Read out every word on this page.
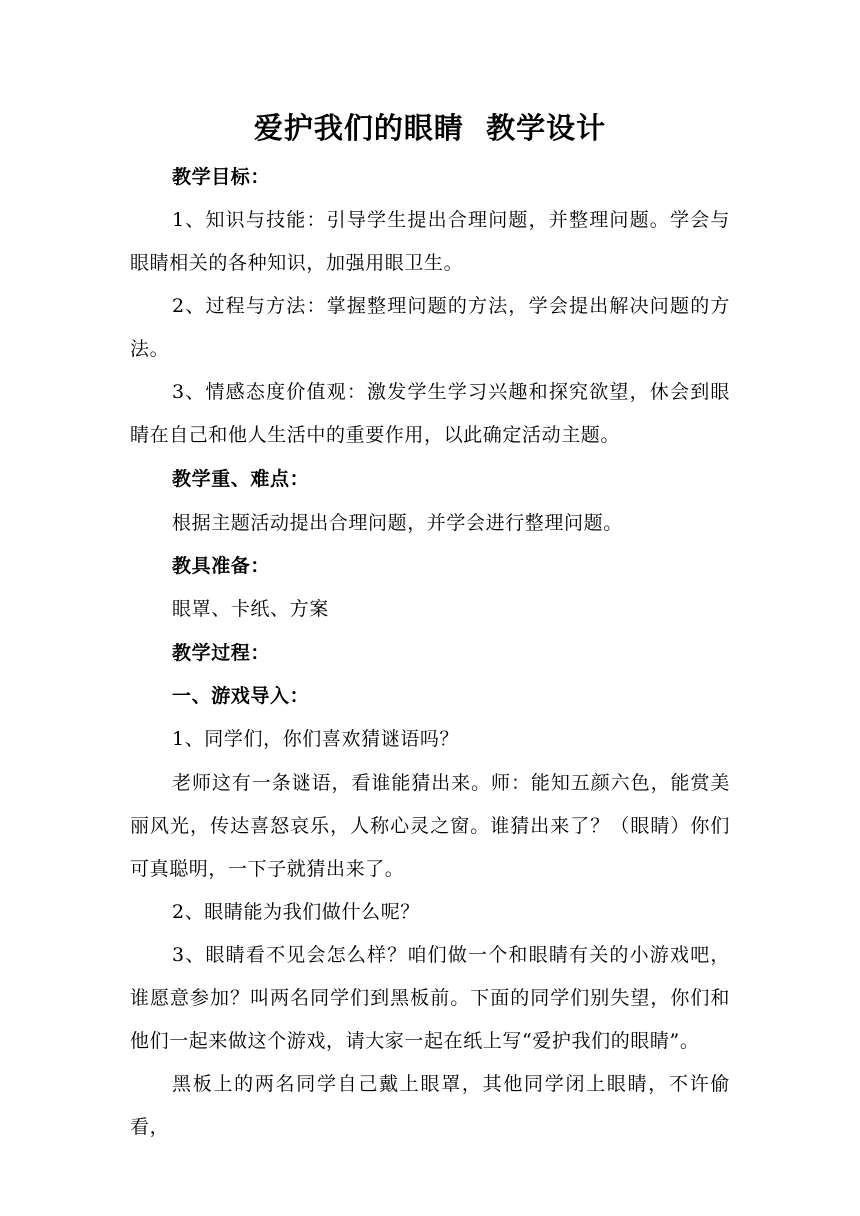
爱护我们的眼睛  教学设计
教学目标：
1、知识与技能：引导学生提出合理问题，并整理问题。学会与眼睛相关的各种知识，加强用眼卫生。
2、过程与方法：掌握整理问题的方法，学会提出解决问题的方法。
3、情感态度价值观：激发学生学习兴趣和探究欲望，休会到眼睛在自己和他人生活中的重要作用，以此确定活动主题。
教学重、难点：
根据主题活动提出合理问题，并学会进行整理问题。
教具准备：
眼罩、卡纸、方案
教学过程：
一、游戏导入：
1、同学们，你们喜欢猜谜语吗？
老师这有一条谜语，看谁能猜出来。师：能知五颜六色，能赏美丽风光，传达喜怒哀乐，人称心灵之窗。谁猜出来了？（眼睛）你们可真聪明，一下子就猜出来了。
2、眼睛能为我们做什么呢？
3、眼睛看不见会怎么样？咱们做一个和眼睛有关的小游戏吧，谁愿意参加？叫两名同学们到黑板前。下面的同学们别失望，你们和他们一起来做这个游戏，请大家一起在纸上写“爱护我们的眼睛”。
黑板上的两名同学自己戴上眼罩，其他同学闭上眼睛，不许偷看，
